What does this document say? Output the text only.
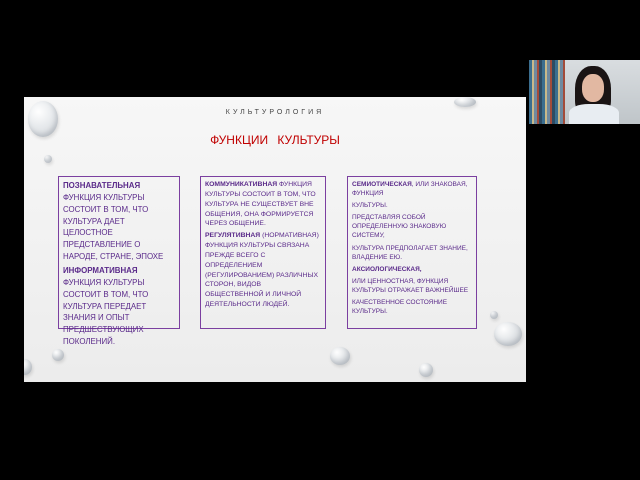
КУЛЬТУРОЛОГИЯ
ФУНКЦИИ КУЛЬТУРЫ

ПОЗНАВАТЕЛЬНАЯ ФУНКЦИЯ КУЛЬТУРЫ СОСТОИТ В ТОМ, ЧТО КУЛЬТУРА ДАЕТ ЦЕЛОСТНОЕ ПРЕДСТАВЛЕНИЕ О НАРОДЕ, СТРАНЕ, ЭПОХЕ

ИНФОРМАТИВНАЯ ФУНКЦИЯ КУЛЬТУРЫ СОСТОИТ В ТОМ, ЧТО КУЛЬТУРА ПЕРЕДАЕТ ЗНАНИЯ И ОПЫТ ПРЕДШЕСТВУЮЩИХ ПОКОЛЕНИЙ.

КОММУНИКАТИВНАЯ ФУНКЦИЯ КУЛЬТУРЫ СОСТОИТ В ТОМ, ЧТО КУЛЬТУРА НЕ СУЩЕСТВУЕТ ВНЕ ОБЩЕНИЯ, ОНА ФОРМИРУЕТСЯ ЧЕРЕЗ ОБЩЕНИЕ.

РЕГУЛЯТИВНАЯ (НОРМАТИВНАЯ) ФУНКЦИЯ КУЛЬТУРЫ СВЯЗАНА ПРЕЖДЕ ВСЕГО С ОПРЕДЕЛЕНИЕМ (РЕГУЛИРОВАНИЕМ) РАЗЛИЧНЫХ СТОРОН, ВИДОВ ОБЩЕСТВЕННОЙ И ЛИЧНОЙ ДЕЯТЕЛЬНОСТИ ЛЮДЕЙ.

СЕМИОТИЧЕСКАЯ, ИЛИ ЗНАКОВАЯ, ФУНКЦИЯ

КУЛЬТУРЫ.

ПРЕДСТАВЛЯЯ СОБОЙ ОПРЕДЕЛЕННУЮ ЗНАКОВУЮ СИСТЕМУ,

КУЛЬТУРА ПРЕДПОЛАГАЕТ ЗНАНИЕ, ВЛАДЕНИЕ ЕЮ.

АКСИОЛОГИЧЕСКАЯ,

ИЛИ ЦЕННОСТНАЯ, ФУНКЦИЯ КУЛЬТУРЫ ОТРАЖАЕТ ВАЖНЕЙШЕЕ

КАЧЕСТВЕННОЕ СОСТОЯНИЕ КУЛЬТУРЫ.
